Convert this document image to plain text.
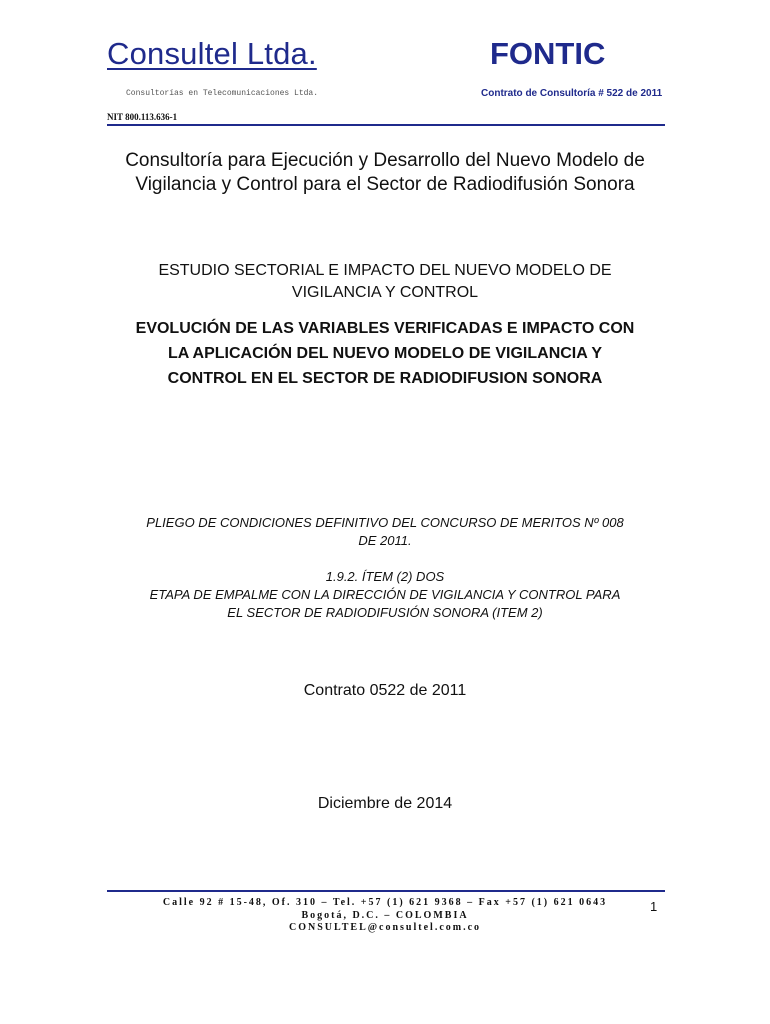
Consultel Ltda.
Consultorías en Telecomunicaciones Ltda.
FONTIC
Contrato de Consultoría # 522 de 2011
NIT 800.113.636-1
Consultoría para Ejecución y Desarrollo del Nuevo Modelo de
Vigilancia y Control para el Sector de Radiodifusión Sonora
ESTUDIO SECTORIAL E IMPACTO DEL NUEVO MODELO DE
VIGILANCIA Y CONTROL
EVOLUCIÓN DE LAS VARIABLES VERIFICADAS E IMPACTO CON
LA APLICACIÓN DEL NUEVO MODELO DE VIGILANCIA Y
CONTROL EN EL SECTOR DE RADIODIFUSION SONORA
PLIEGO DE CONDICIONES DEFINITIVO DEL CONCURSO DE MERITOS Nº 008
DE 2011.
1.9.2. ÍTEM (2) DOS
ETAPA DE EMPALME CON LA DIRECCIÓN DE VIGILANCIA Y CONTROL PARA
EL SECTOR DE RADIODIFUSIÓN SONORA (ITEM 2)
Contrato 0522 de 2011
Diciembre de 2014
Calle 92 # 15-48, Of. 310 – Tel. +57 (1) 621 9368 – Fax +57 (1) 621 0643
Bogotá, D.C. – COLOMBIA
CONSULTEL@consultel.com.co
1
